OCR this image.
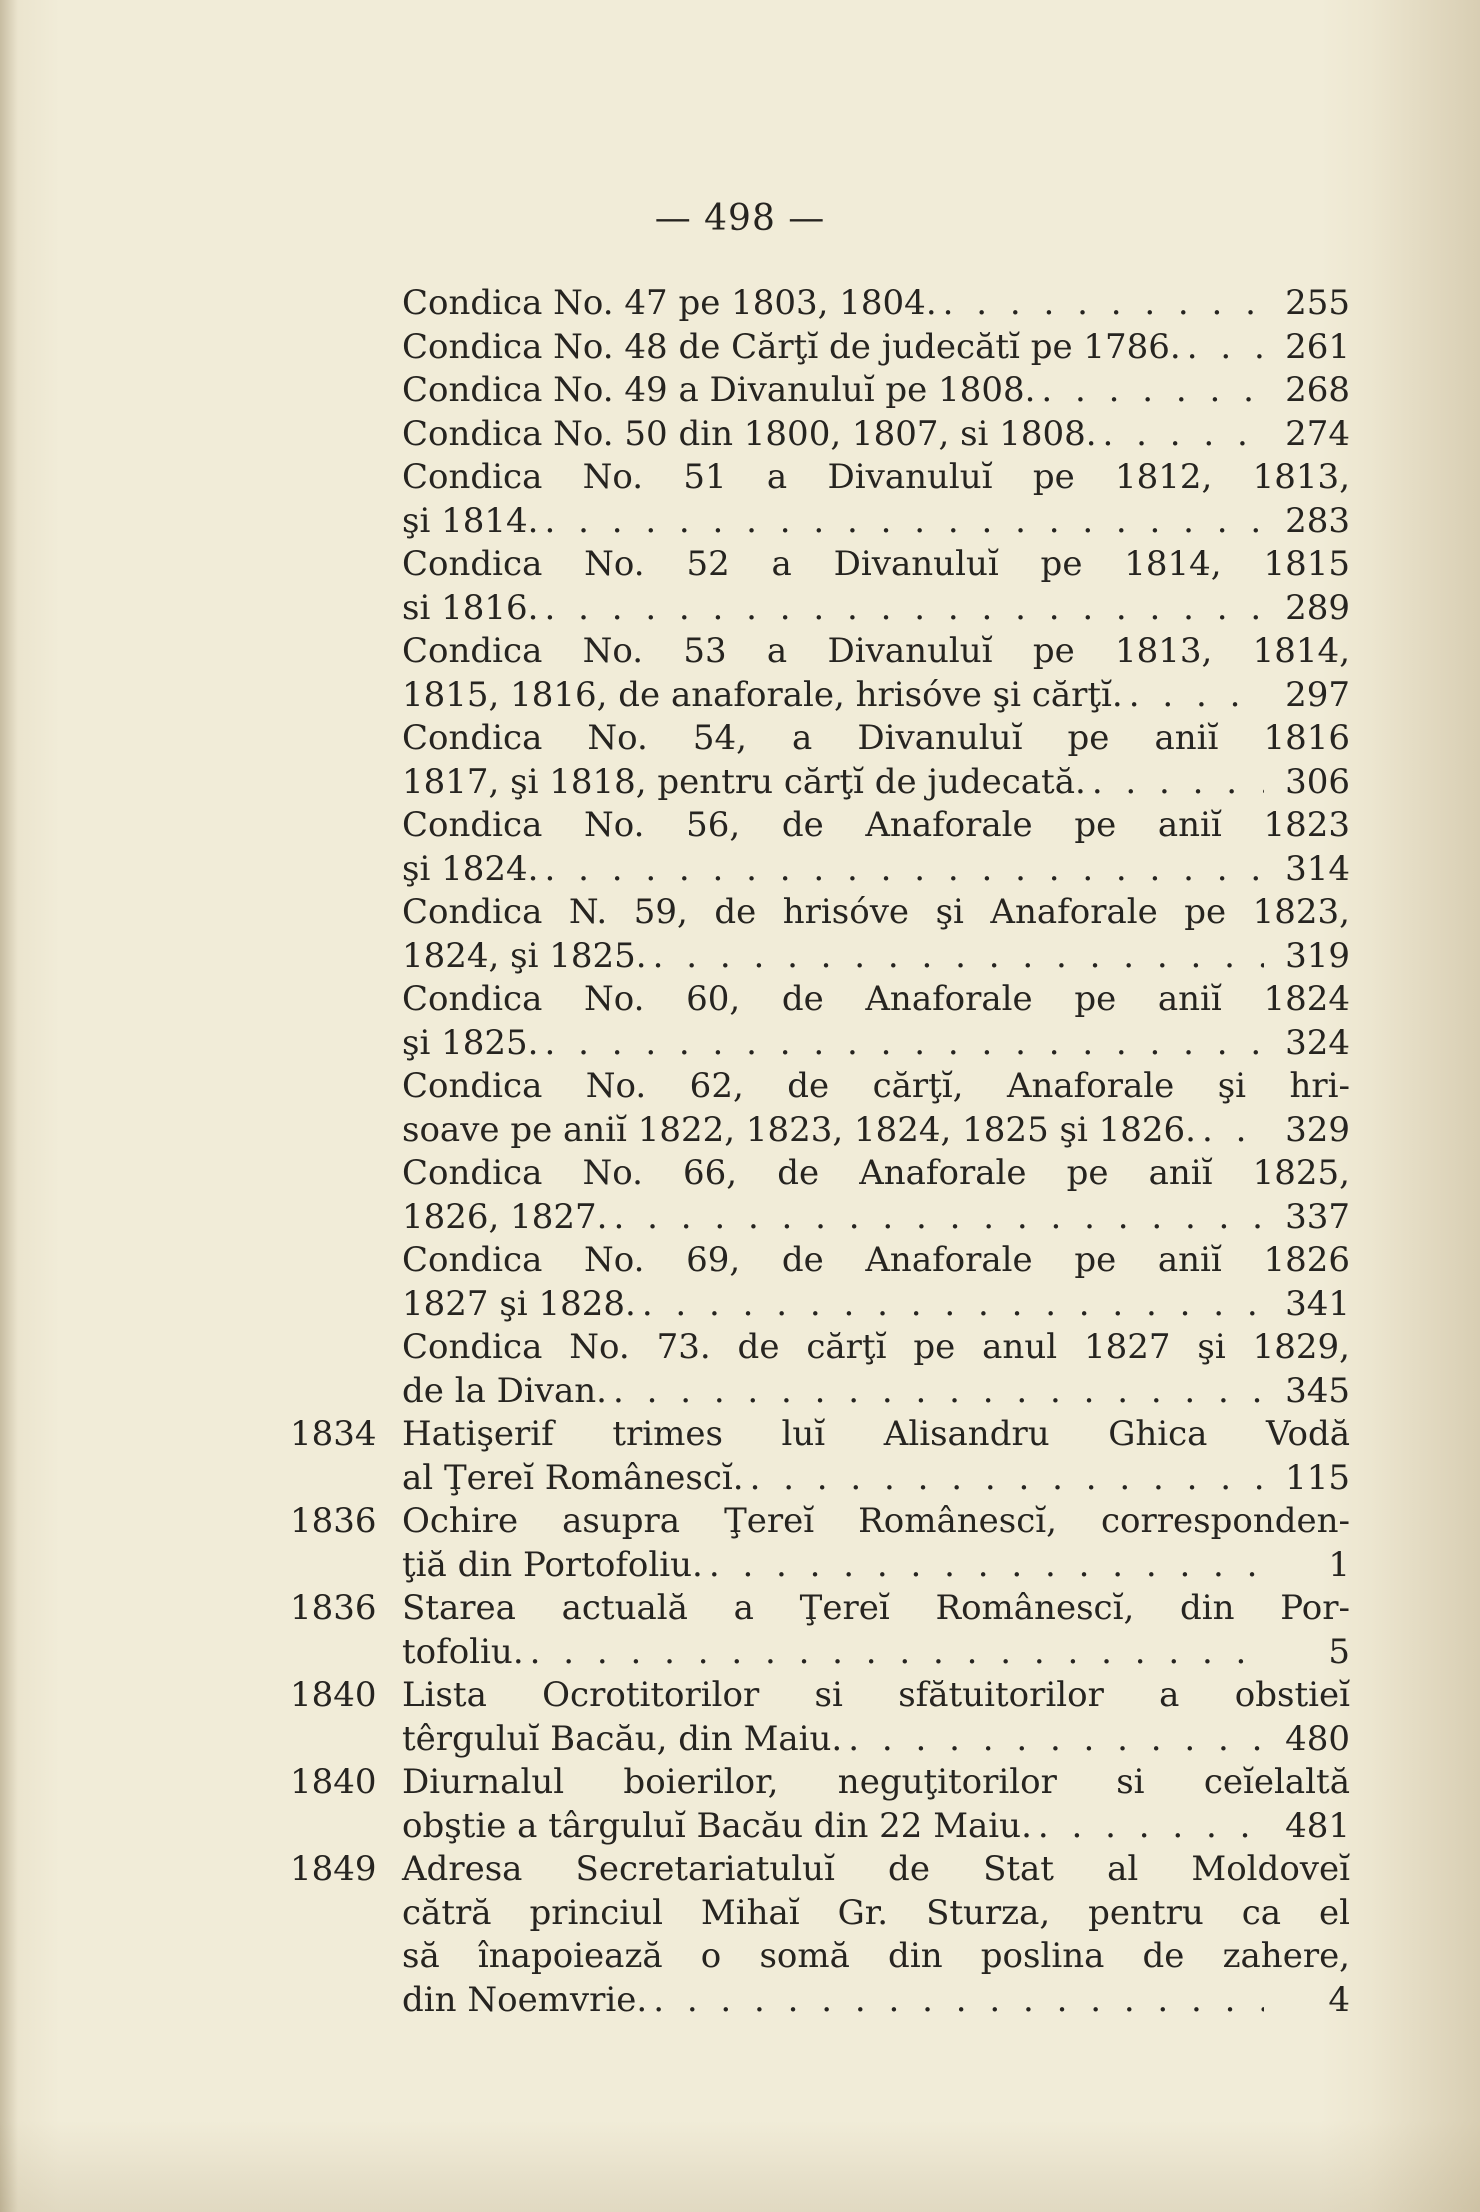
— 498 —
Condica No. 47 pe 1803, 1804. . . .	255
Condica No. 48 de Cărţĭ de judecătĭ pe 1786. . . .	261
Condica No. 49 a Divanuluĭ pe 1808. . . .	268
Condica No. 50 din 1800, 1807, si 1808. . . .	274
Condica No. 51 a Divanuluĭ pe 1812, 1813,
şi 1814. . . .	283
Condica No. 52 a Divanuluĭ pe 1814, 1815
si 1816. . . .	289
Condica No. 53 a Divanuluĭ pe 1813, 1814,
1815, 1816, de anaforale, hrisóve şi cărţĭ. . . .	297
Condica No. 54, a Divanuluĭ pe aniĭ 1816
1817, şi 1818, pentru cărţĭ de judecată. . . .	306
Condica No. 56, de Anaforale pe aniĭ 1823
şi 1824. . . .	314
Condica N. 59, de hrisóve şi Anaforale pe 1823,
1824, şi 1825. . . .	319
Condica No. 60, de Anaforale pe aniĭ 1824
şi 1825. . . .	324
Condica No. 62, de cărţĭ, Anaforale şi hri-
soave pe aniĭ 1822, 1823, 1824, 1825 şi 1826. . . .	329
Condica No. 66, de Anaforale pe aniĭ 1825,
1826, 1827. . . .	337
Condica No. 69, de Anaforale pe aniĭ 1826
1827 şi 1828. . . .	341
Condica No. 73. de cărţĭ pe anul 1827 şi 1829,
de la Divan. . . .	345
1834 Hatişerif trimes luĭ Alisandru Ghica Vodă
al Ţereĭ Românescĭ. . . .	115
1836 Ochire asupra Ţereĭ Românescĭ, corresponden-
ţiă din Portofoliu. . . .	1
1836 Starea actuală a Ţereĭ Românescĭ, din Por-
tofoliu. . . .	5
1840 Lista Ocrotitorilor si sfătuitorilor a obstieĭ
têrguluĭ Bacău, din Maiu. . . .	480
1840 Diurnalul boierilor, neguţitorilor si ceĭelaltă
obştie a târguluĭ Bacău din 22 Maiu. . . .	481
1849 Adresa Secretariatuluĭ de Stat al Moldoveĭ
cătră princiul Mihaĭ Gr. Sturza, pentru ca el
să înapoiează o somă din poslina de zahere,
din Noemvrie. . . .	4
